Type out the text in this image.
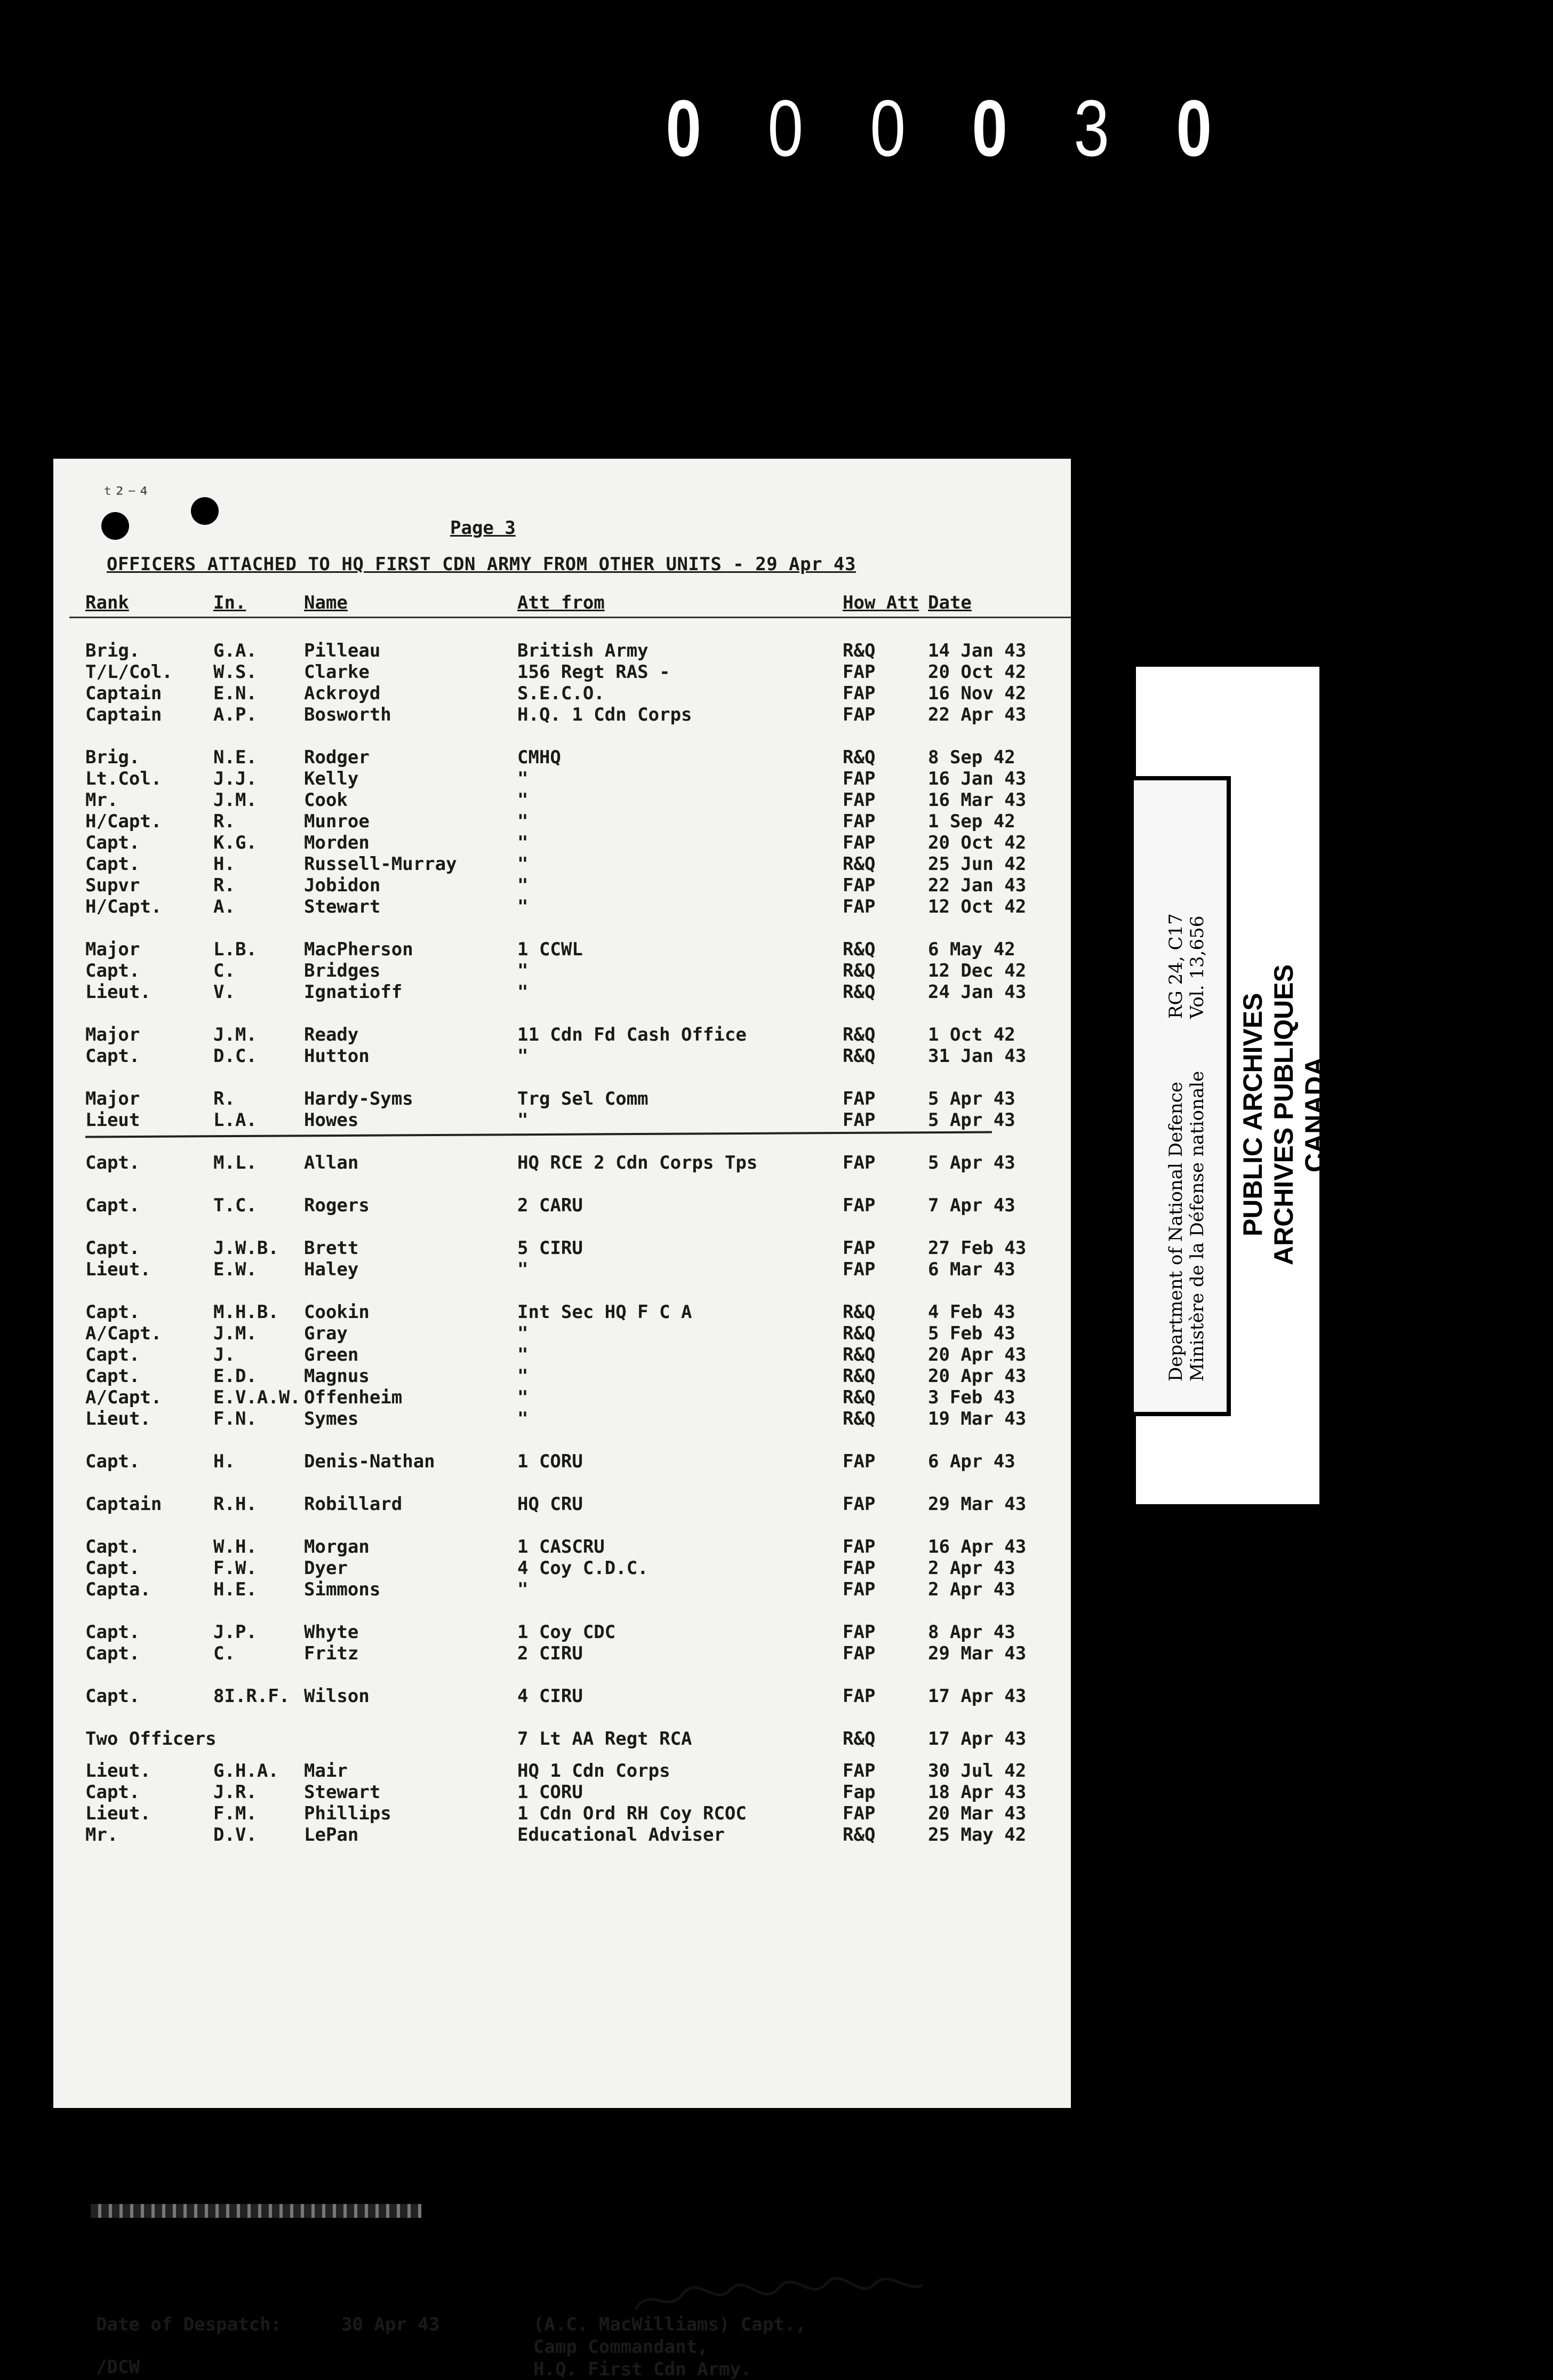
0 0 0 0 3 0
ᵗ²⁻⁴
Page 3
OFFICERS ATTACHED TO HQ FIRST CDN ARMY FROM OTHER UNITS - 29 Apr 43
Rank	In.	Name	Att from	How Att Date
Brig.	G.A.	Pilleau	British Army	R&Q	14 Jan 43
T/L/Col. W.S.	Clarke	156 Regt RAS -	FAP	20 Oct 42
Captain	E.N.	Ackroyd	S.E.C.O.	FAP	16 Nov 42
Captain	A.P.	Bosworth	H.Q. 1 Cdn Corps	FAP	22 Apr 43
Brig.	N.E.	Rodger	CMHQ	R&Q	8 Sep 42
Lt.Col.	J.J.	Kelly	"	FAP	16 Jan 43
Mr.	J.M.	Cook	"	FAP	16 Mar 43
H/Capt.	R.	Munroe	"	FAP	1 Sep 42
Capt.	K.G.	Morden	"	FAP	20 Oct 42
Capt.	H.	Russell-Murray	"	R&Q	25 Jun 42
Supvr	R.	Jobidon	"	FAP	22 Jan 43
H/Capt.	A.	Stewart	"	FAP	12 Oct 42
Major	L.B.	MacPherson	1 CCWL	R&Q	6 May 42
Capt.	C.	Bridges	"	R&Q	12 Dec 42
Lieut.	V.	Ignatioff	"	R&Q	24 Jan 43
Major	J.M.	Ready	11 Cdn Fd Cash Office	R&Q	1 Oct 42
Capt.	D.C.	Hutton	"	R&Q	31 Jan 43
Major	R.	Hardy-Syms	Trg Sel Comm	FAP	5 Apr 43
Lieut	L.A.	Howes	"	FAP	5 Apr 43
Capt.	M.L.	Allan	HQ RCE 2 Cdn Corps Tps	FAP	5 Apr 43
Capt.	T.C.	Rogers	2 CARU	FAP	7 Apr 43
Capt.	J.W.B. Brett	5 CIRU	FAP	27 Feb 43
Lieut.	E.W.	Haley	"	FAP	6 Mar 43
Capt.	M.H.B. Cookin	Int Sec HQ F C A	R&Q	4 Feb 43
A/Capt.	J.M.	Gray	"	R&Q	5 Feb 43
Capt.	J.	Green	"	R&Q	20 Apr 43
Capt.	E.D.	Magnus	"	R&Q	20 Apr 43
A/Capt.	E.V.A.W. Offenheim	"	R&Q	3 Feb 43
Lieut.	F.N.	Symes	"	R&Q	19 Mar 43
Capt.	H.	Denis-Nathan	1 CORU	FAP	6 Apr 43
Captain	R.H.	Robillard	HQ CRU	FAP	29 Mar 43
Capt.	W.H.	Morgan	1 CASCRU	FAP	16 Apr 43
Capt.	F.W.	Dyer	4 Coy C.D.C.	FAP	2 Apr 43
Capta.	H.E.	Simmons	"	FAP	2 Apr 43
Capt.	J.P.	Whyte	1 Coy CDC	FAP	8 Apr 43
Capt.	C.	Fritz	2 CIRU	FAP	29 Mar 43
Capt.	8I.R.F. Wilson	4 CIRU	FAP	17 Apr 43
Two Officers	7 Lt AA Regt RCA	R&Q	17 Apr 43
Lieut.	G.H.A. Mair	HQ 1 Cdn Corps	FAP	30 Jul 42
Capt.	J.R.	Stewart	1 CORU	Fap	18 Apr 43
Lieut.	F.M.	Phillips	1 Cdn Ord RH Coy RCOC	FAP	20 Mar 43
Mr.	D.V.	LePan	Educational Adviser	R&Q	25 May 42
Date of Despatch:	30 Apr 43
/DCW
(A.C. MacWilliams) Capt.,
Camp Commandant,
H.Q. First Cdn Army.
RG 24, C17 Vol. 13,656
Department of National Defence Ministère de la Défense nationale PUBLIC ARCHIVES ARCHIVES PUBLIQUES CANADA
